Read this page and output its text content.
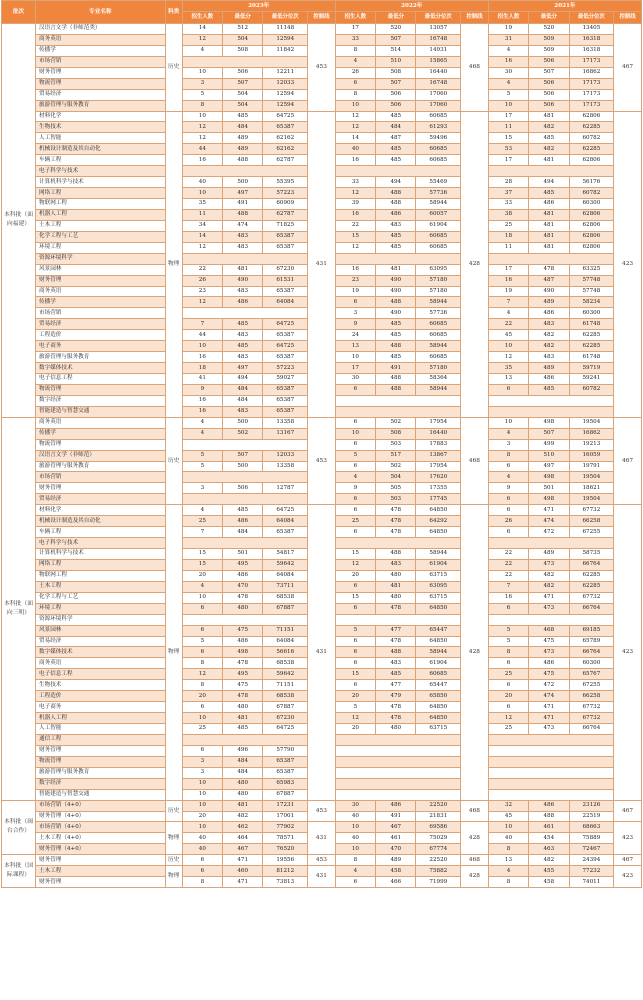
批次	专业名称	科类	2023年				2022年				2021年			
			招生人数	最低分	最低分位次	控制线	招生人数	最低分	最低分位次	控制线	招生人数	最低分	最低分位次	控制线
本科批（面向福建）	汉语言文学（非师范类）	历史	14	512	11148	453	17	520	13057	468	19	520	13405	467
	商务英语		12	504	12594		33	507	16748		31	509	16318	
	传播学		4	508	11842		8	514	14931		4	509	16318	
	市场营销						4	510	15865		16	506	17173	
	财务管理		10	506	12211		26	508	16440		30	507	16862	
	物流管理		3	507	12033		6	507	16748		4	506	17173	
	贸易经济		5	504	12594		8	506	17060		5	506	17173	
	旅游管理与服务教育		8	504	12594		10	506	17060		10	506	17173	
	材料化学	物理	10	485	64725	431	12	485	60685	428	17	481	62806	423
	生物技术		12	484	65387		12	484	61293		11	482	62285	
	人工智能		12	489	62162		14	487	59496		15	485	60782	
	机械设计制造及其自动化		44	489	62162		40	485	60685		53	482	62285	
	车辆工程		16	488	62787		16	485	60685		17	481	62806	
	电子科学与技术													
	计算机科学与技术		40	500	55395		33	494	55469		28	494	56176	
	网络工程		10	497	57223		12	488	57736		37	485	60782	
	物联网工程		35	491	60909		39	488	58944		33	486	60300	
	机器人工程		11	488	62787		16	486	60057		38	481	62806	
	土木工程		34	474	71825		22	483	61904		25	481	62806	
	化学工程与工艺		14	483	65387		15	485	60685		18	481	62806	
	环境工程		12	483	65387		12	485	60685		11	481	62806	
	资源环境科学													
	风景园林		22	481	67230		16	481	63095		17	478	63325	
	财务管理		26	490	61531		23	490	57180		16	487	57748	
	商务英语		23	483	65387		19	490	57180		19	490	57748	
	传播学		12	486	64084		6	488	58944		7	489	58234	
	市场营销						3	490	57736		4	486	60300	
	贸易经济		7	485	64725		9	485	60685		22	483	61748	
	工程造价		44	483	65387		24	485	60685		45	482	62285	
	电子商务		10	485	64725		13	488	58944		10	482	62285	
	旅游管理与服务教育		16	483	65387		10	485	60685		12	483	61748	
	数字媒体技术		18	497	57223		17	491	57180		35	489	59719	
	电子信息工程		41	494	59027		30	488	58364		13	486	59241	
	物流管理		9	484	65387		6	488	58944		6	485	60782	
	数字经济		16	484	65387									
	智能建造与智慧交通		16	483	65387									
本科批（面向三明）	商务英语	历史	4	500	13358	453	6	502	17954	468	10	498	19504	467
	传播学		4	502	13167		10	508	16440		4	507	16862	
	物流管理						6	503	17883		3	499	19213	
	汉语言文学（非师范）		5	507	12033		5	517	13867		8	510	16059	
	旅游管理与服务教育		5	500	13358		6	502	17954		6	497	19791	
	市场营销						4	504	17620		4	498	19504	
	财务管理		3	506	12787		9	505	17355		9	501	18621	
	贸易经济						6	503	17745		6	498	19504	
	材料化学	物理	4	485	64725	431	6	478	64850	428	6	471	67732	423
	机械设计制造及其自动化		25	486	64084		25	478	64292		26	474	66258	
	车辆工程		7	484	65387		6	478	64850		6	472	67255	
	电子科学与技术													
	计算机科学与技术		15	501	54817		15	488	58944		22	489	58735	
	网络工程		15	495	59642		12	483	61904		22	473	66764	
	物联网工程		20	486	64084		20	480	63715		22	482	62285	
	土木工程		4	470	73711		6	481	63095		7	482	62285	
	化学工程与工艺		10	478	68538		15	480	63715		16	471	67732	
	环境工程		6	480	67887		6	478	64850		6	473	66764	
	资源环境科学													
	风景园林		6	475	71151		5	477	65447		5	468	69185	
	贸易经济		5	486	64084		6	478	64850		5	475	65789	
	数字媒体技术		6	498	56616		6	488	58944		8	473	66764	
	商务英语		8	478	68538		6	483	61904		6	486	60300	
	电子信息工程		12	495	59642		15	485	60685		25	475	65767	
	生物技术		8	475	71151		6	477	65447		6	472	67255	
	工程造价		20	478	68538		20	479	65850		20	474	66258	
	电子商务		6	480	67887		5	478	64850		6	471	67732	
	机器人工程		10	481	67230		12	478	64850		12	471	67732	
	人工智能		25	485	64725		20	480	63715		25	473	66764	
	通信工程													
	财务管理		6	496	57790									
	物流管理		3	484	65387									
	旅游管理与服务教育		3	484	65387									
	数字经济		10	480	65983									
	智能建造与智慧交通		10	480	67887									
本科批（闽台合作）	市场营销（4+0）	历史	10	481	17231	453	30	486	22520	468	32	486	23126	467
	财务管理（4+0）		20	482	17001		40	491	21831		45	488	22519	
	市场营销（4+0）	物理	10	462	77902	431	10	467	69586	428	10	461	68663	423
	土木工程（4+0）		40	464	78571		40	461	75029		40	454	75889	
	财务管理（4+0）		40	467	76520		10	470	67774		8	463	72467	
本科批（国际课程）	财务管理	历史	6	471	19556	453	8	489	22520	468	13	482	24394	467
	土木工程	物理	6	460	81212	431	4	458	75882	428	4	455	77232	423
	财务管理		8	471	73813		6	466	71999		8	458	74011	
